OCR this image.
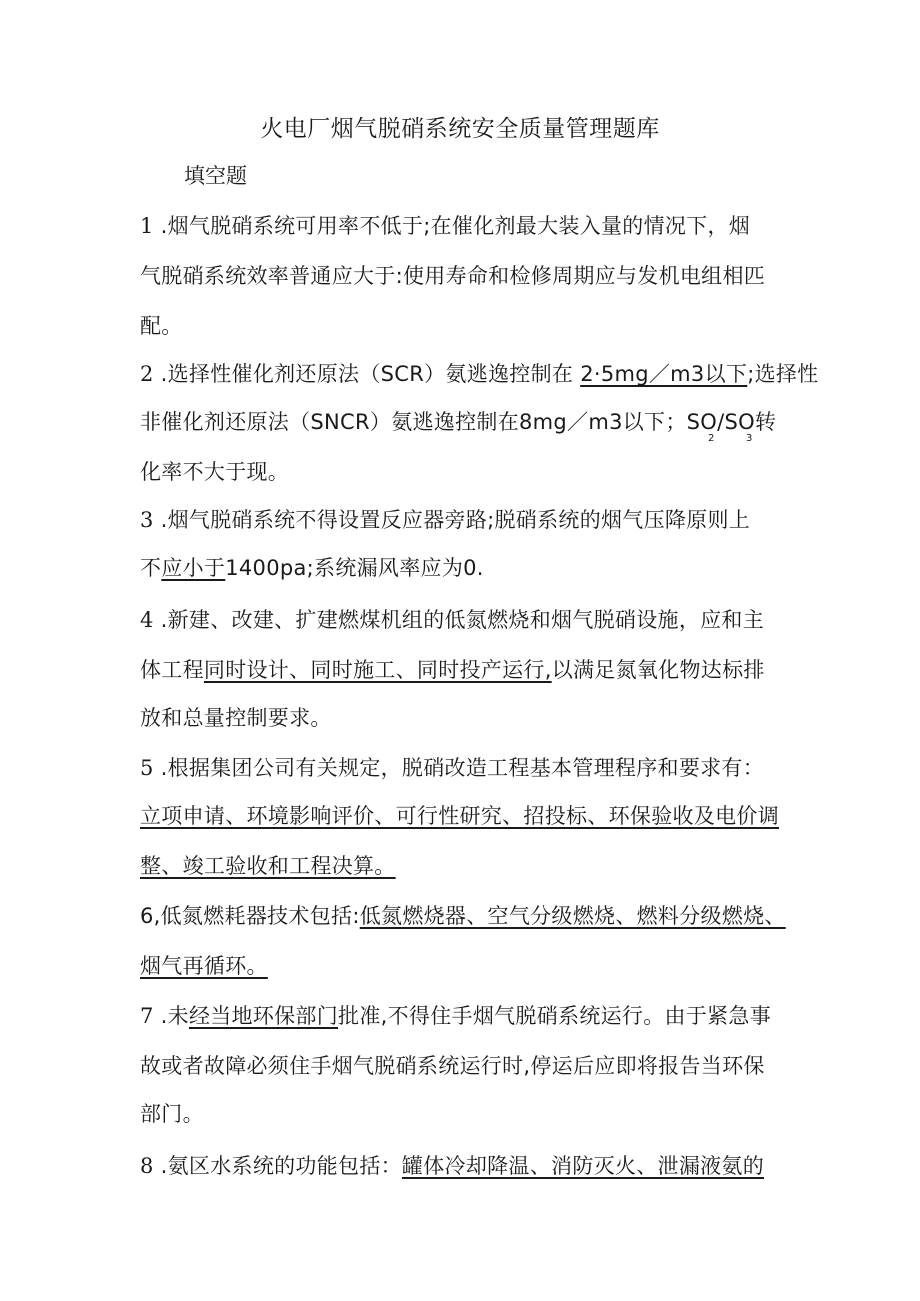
火电厂烟气脱硝系统安全质量管理题库
填空题
1 .烟气脱硝系统可用率不低于;在催化剂最大装入量的情况下，烟
气脱硝系统效率普通应大于:使用寿命和检修周期应与发机电组相匹
配。
2 .选择性催化剂还原法（SCR）氨逃逸控制在 2·5mg／m3以下;选择性
非催化剂还原法（SNCR）氨逃逸控制在8mg／m3以下；SO/SO转
2	3
化率不大于现。
3 .烟气脱硝系统不得设置反应器旁路;脱硝系统的烟气压降原则上
不应小于1400pa;系统漏风率应为0.
4 .新建、改建、扩建燃煤机组的低氮燃烧和烟气脱硝设施，应和主
体工程同时设计、同时施工、同时投产运行,以满足氮氧化物达标排
放和总量控制要求。
5 .根据集团公司有关规定，脱硝改造工程基本管理程序和要求有：
立项申请、环境影响评价、可行性研究、招投标、环保验收及电价调
整、竣工验收和工程决算。
6,低氮燃耗器技术包括:低氮燃烧器、空气分级燃烧、燃料分级燃烧、
烟气再循环。
7 .未经当地环保部门批准,不得住手烟气脱硝系统运行。由于紧急事
故或者故障必须住手烟气脱硝系统运行时,停运后应即将报告当环保
部门。
8 .氨区水系统的功能包括：罐体冷却降温、消防灭火、泄漏液氨的
